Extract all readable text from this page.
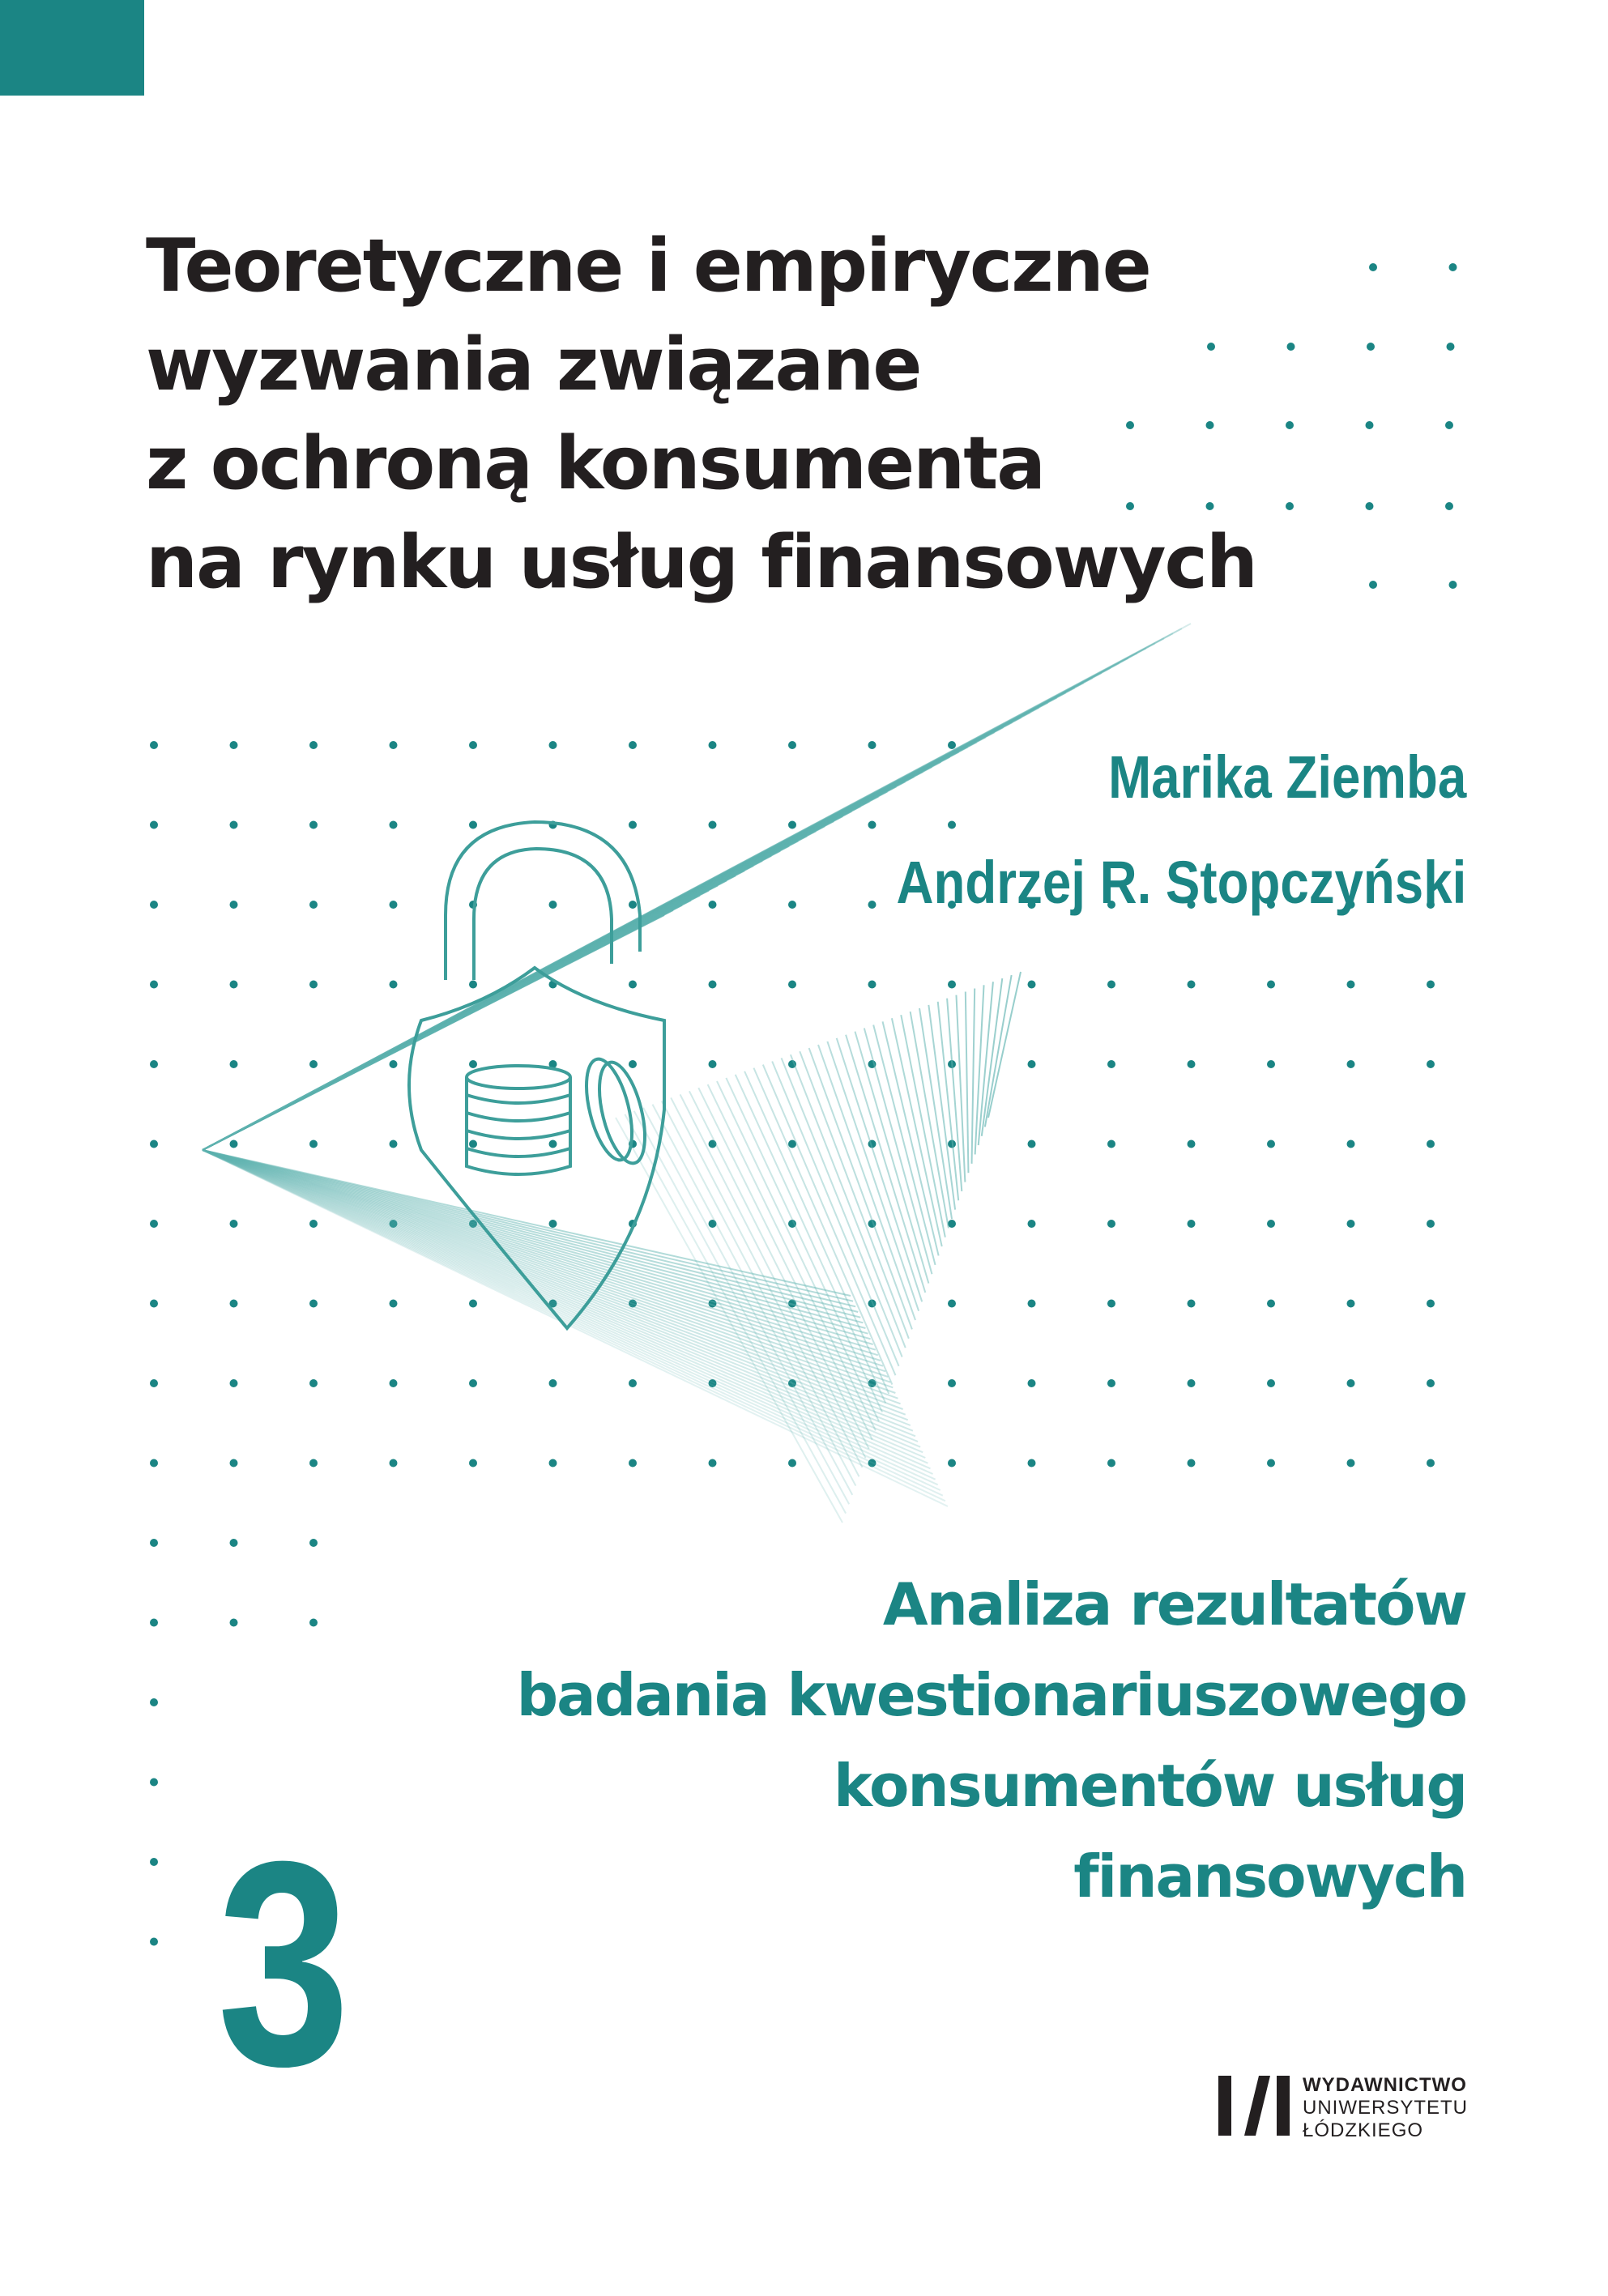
Teoretyczne i empiryczne
wyzwania związane
z ochroną konsumenta
na rynku usług finansowych
Marika Ziemba
Andrzej R. Stopczyński
Analiza rezultatów
badania kwestionariuszowego
konsumentów usług
finansowych
3	WYDAWNICTWO
UNIWERSYTETU
ŁÓDZKIEGO
